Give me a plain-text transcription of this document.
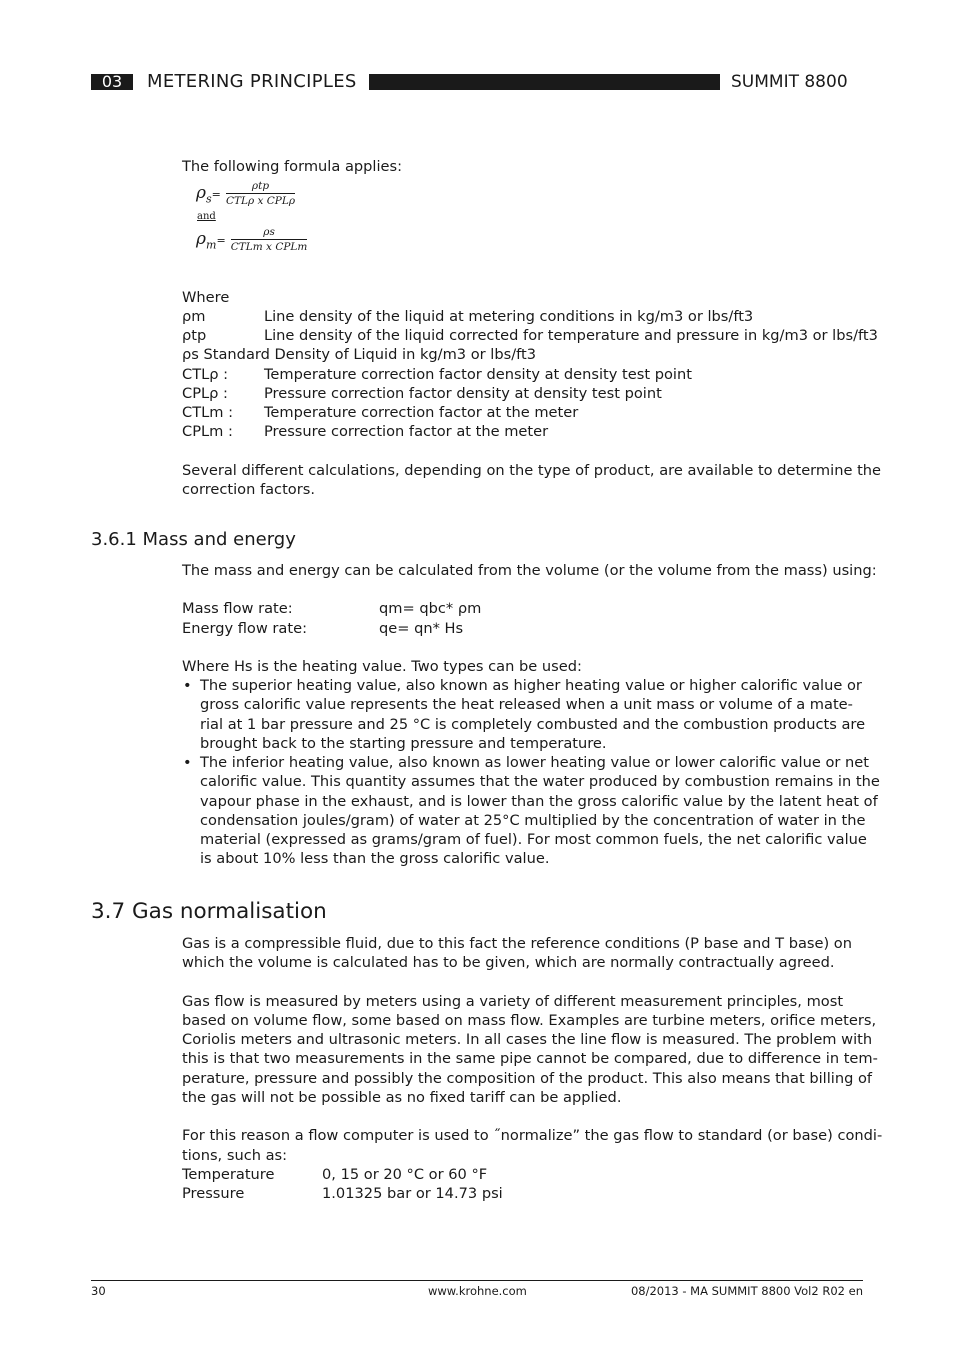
03	METERING PRINCIPLES	SUMMIT 8800
The following formula applies:
$\rho_s= \frac{\text{ρtp}}{\text{CTLρ x CPLρ}}$
and
$\rho_m= \frac{\rho s}{\text{CTLm x CPLm}}$
Where
ρm	Line density of the liquid at metering conditions in kg/m3 or lbs/ft3
ρtp	Line density of the liquid corrected for temperature and pressure in kg/m3 or lbs/ft3
ρs Standard Density of Liquid in kg/m3 or lbs/ft3
CTLρ : Temperature correction factor density at density test point
CPLρ : Pressure correction factor density at density test point
CTLm : Temperature correction factor at the meter
CPLm : Pressure correction factor at the meter
Several different calculations, depending on the type of product, are available to determine the
correction factors.
3.6.1 Mass and energy
The mass and energy can be calculated from the volume (or the volume from the mass) using:
Mass flow rate:	qm= qbc* ρm
Energy flow rate:	qe= qn* Hs
Where Hs is the heating value. Two types can be used:
• The superior heating value, also known as higher heating value or higher calorific value or
gross calorific value represents the heat released when a unit mass or volume of a mate-
rial at 1 bar pressure and 25 °C is completely combusted and the combustion products are
brought back to the starting pressure and temperature.
• The inferior heating value, also known as lower heating value or lower calorific value or net
calorific value. This quantity assumes that the water produced by combustion remains in the
vapour phase in the exhaust, and is lower than the gross calorific value by the latent heat of
condensation joules/gram) of water at 25°C multiplied by the concentration of water in the
material (expressed as grams/gram of fuel). For most common fuels, the net calorific value
is about 10% less than the gross calorific value.
3.7 Gas normalisation
Gas is a compressible fluid, due to this fact the reference conditions (P base and T base) on
which the volume is calculated has to be given, which are normally contractually agreed.
Gas flow is measured by meters using a variety of different measurement principles, most
based on volume flow, some based on mass flow. Examples are turbine meters, orifice meters,
Coriolis meters and ultrasonic meters. In all cases the line flow is measured. The problem with
this is that two measurements in the same pipe cannot be compared, due to difference in tem-
perature, pressure and possibly the composition of the product. This also means that billing of
the gas will not be possible as no fixed tariff can be applied.
For this reason a flow computer is used to ˝normalize” the gas flow to standard (or base) condi-
tions, such as:
Temperature	0, 15 or 20 °C or 60 °F
Pressure	1.01325 bar or 14.73 psi
30	www.krohne.com	08/2013 - MA SUMMIT 8800 Vol2 R02 en
